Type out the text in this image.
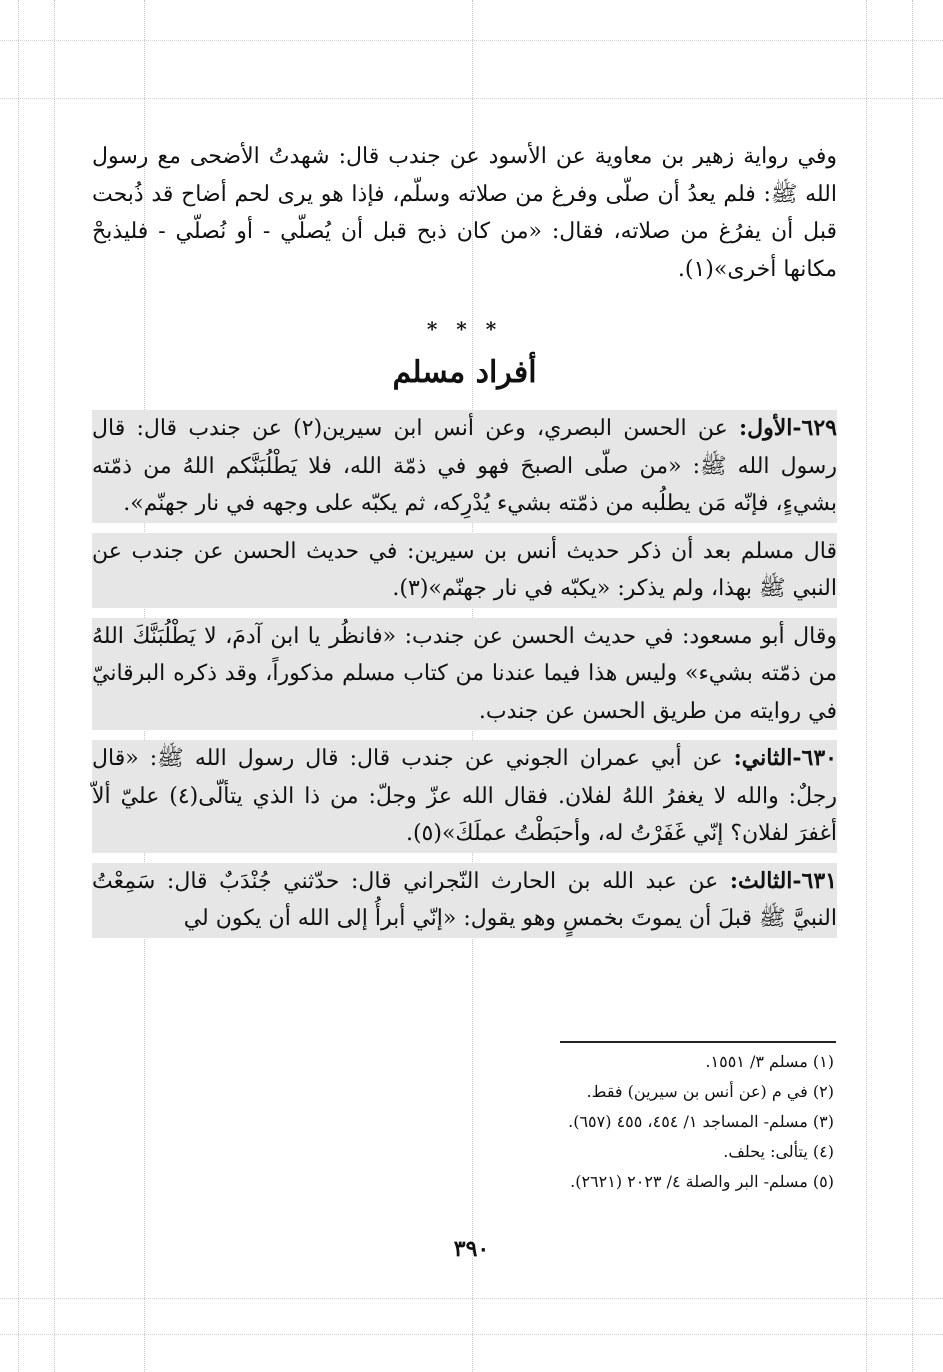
وفي رواية زهير بن معاوية عن الأسود عن جندب قال: شهدتُ الأضحى مع رسول الله ﷺ: فلم يعدُ أن صلّى وفرغ من صلاته وسلّم، فإذا هو يرى لحم أضاح قد ذُبحت قبل أن يفرُغ من صلاته، فقال: «من كان ذبح قبل أن يُصلّي - أو نُصلّي - فليذبحْ مكانها أخرى»(١).

* * *
أفراد مسلم

٦٢٩-الأول: عن الحسن البصري، وعن أنس ابن سيرين(٢) عن جندب قال: قال رسول الله ﷺ: «من صلّى الصبحَ فهو في ذمّة الله، فلا يَطْلُبَنَّكم اللهُ من ذمّته بشيءٍ، فإنّه مَن يطلُبه من ذمّته بشيء يُدْرِكه، ثم يكبّه على وجهه في نار جهنّم».

قال مسلم بعد أن ذكر حديث أنس بن سيرين: في حديث الحسن عن جندب عن النبي ﷺ بهذا، ولم يذكر: «يكبّه في نار جهنّم»(٣).

وقال أبو مسعود: في حديث الحسن عن جندب: «فانظُر يا ابن آدمَ، لا يَطْلُبَنَّكَ اللهُ من ذمّته بشيء» وليس هذا فيما عندنا من كتاب مسلم مذكوراً، وقد ذكره البرقانيّ في روايته من طريق الحسن عن جندب.

٦٣٠-الثاني: عن أبي عمران الجوني عن جندب قال: قال رسول الله ﷺ: «قال رجلٌ: والله لا يغفرُ اللهُ لفلان. فقال الله عزّ وجلّ: من ذا الذي يتألّى(٤) عليّ ألاّ أغفرَ لفلان؟ إنّي غَفَرْتُ له، وأحبَطْتُ عملَكَ»(٥).

٦٣١-الثالث: عن عبد الله بن الحارث النّجراني قال: حدّثني جُنْدَبٌ قال: سَمِعْتُ النبيَّ ﷺ قبلَ أن يموتَ بخمسٍ وهو يقول: «إنّي أبرأُ إلى الله أن يكون لي

(١) مسلم ٣/ ١٥٥١.
(٢) في م (عن أنس بن سيرين) فقط.
(٣) مسلم- المساجد ١/ ٤٥٤، ٤٥٥ (٦٥٧).
(٤) يتألى: يحلف.
(٥) مسلم- البر والصلة ٤/ ٢٠٢٣ (٢٦٢١).
٣٩٠
